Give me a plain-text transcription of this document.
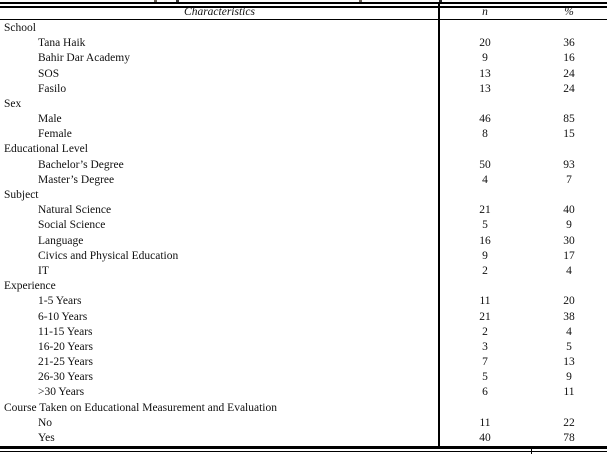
Characteristics	n	%
School
Tana Haik	20	36
Bahir Dar Academy	9	16
SOS	13	24
Fasilo	13	24
Sex
Male	46	85
Female	8	15
Educational Level
Bachelor’s Degree	50	93
Master’s Degree	4	7
Subject
Natural Science	21	40
Social Science	5	9
Language	16	30
Civics and Physical Education	9	17
IT	2	4
Experience
1-5 Years	11	20
6-10 Years	21	38
11-15 Years	2	4
16-20 Years	3	5
21-25 Years	7	13
26-30 Years	5	9
>30 Years	6	11
Course Taken on Educational Measurement and Evaluation
No	11	22
Yes	40	78
